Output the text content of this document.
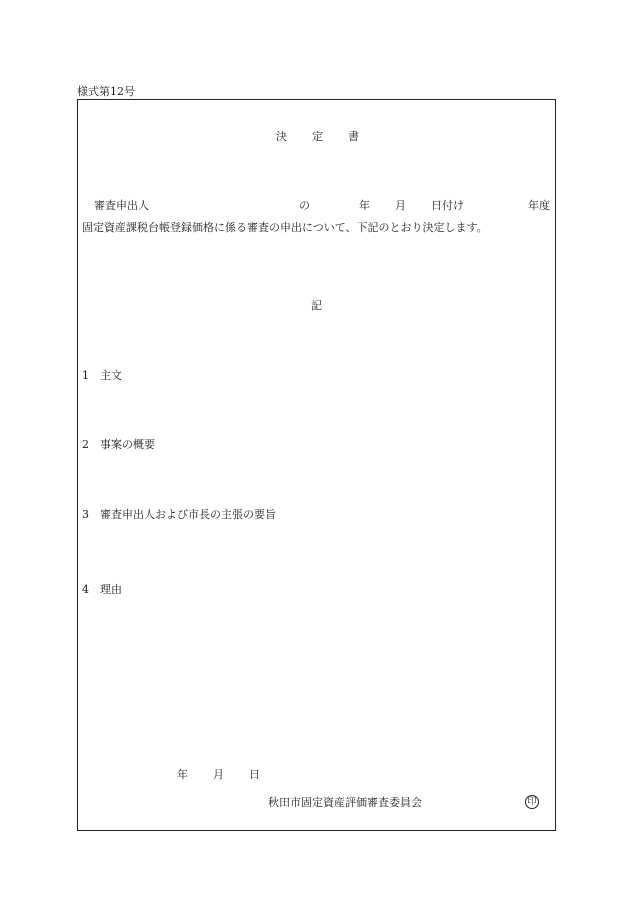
様式第12号
決 定 書
審査申出人	の	年 月 日付け	年度
固定資産課税台帳登録価格に係る審査の申出について、下記のとおり決定します。
記
1 主文
2 事案の概要
3 審査申出人および市長の主張の要旨
4 理由
年 月 日
秋田市固定資産評価審査委員会	印
